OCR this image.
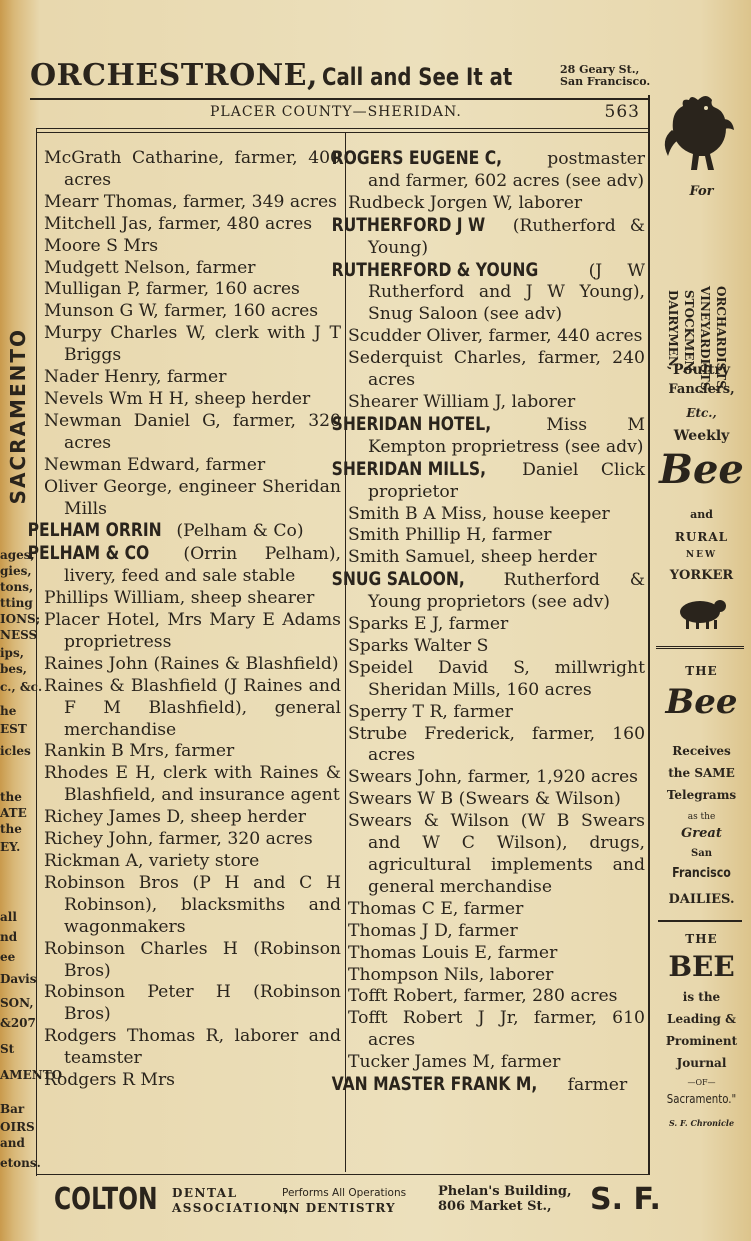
ORCHESTRONE, Call and See It at	28 Geary St.,
San Francisco.
PLACER COUNTY—SHERIDAN.	563
McGrath Catharine, farmer, 400 acres
Mearr Thomas, farmer, 349 acres
Mitchell Jas, farmer, 480 acres
Moore S Mrs
Mudgett Nelson, farmer
Mulligan P, farmer, 160 acres
Munson G W, farmer, 160 acres
Murpy Charles W, clerk with J T Briggs
Nader Henry, farmer
Nevels Wm H H, sheep herder
Newman Daniel G, farmer, 320 acres
Newman Edward, farmer
Oliver George, engineer Sheridan Mills
PELHAM ORRIN (Pelham & Co)
PELHAM & CO (Orrin Pelham), livery, feed and sale stable
Phillips William, sheep shearer
Placer Hotel, Mrs Mary E Adams proprietress
Raines John (Raines & Blashfield)
Raines & Blashfield (J Raines and F M Blashfield), general merchandise
Rankin B Mrs, farmer
Rhodes E H, clerk with Raines & Blashfield, and insurance agent
Richey James D, sheep herder
Richey John, farmer, 320 acres
Rickman A, variety store
Robinson Bros (P H and C H Robinson), blacksmiths and wagonmakers
Robinson Charles H (Robinson Bros)
Robinson Peter H (Robinson Bros)
Rodgers Thomas R, laborer and teamster
Rodgers R Mrs
ROGERS EUGENE C, postmaster and farmer, 602 acres (see adv)
Rudbeck Jorgen W, laborer
RUTHERFORD J W (Rutherford & Young)
RUTHERFORD & YOUNG (J W Rutherford and J W Young), Snug Saloon (see adv)
Scudder Oliver, farmer, 440 acres
Sederquist Charles, farmer, 240 acres
Shearer William J, laborer
SHERIDAN HOTEL, Miss M Kempton proprietress (see adv)
SHERIDAN MILLS, Daniel Click proprietor
Smith B A Miss, house keeper
Smith Phillip H, farmer
Smith Samuel, sheep herder
SNUG SALOON, Rutherford & Young proprietors (see adv)
Sparks E J, farmer
Sparks Walter S
Speidel David S, millwright Sheridan Mills, 160 acres
Sperry T R, farmer
Strube Frederick, farmer, 160 acres
Swears John, farmer, 1,920 acres
Swears W B (Swears & Wilson)
Swears & Wilson (W B Swears and W C Wilson), drugs, agricultural implements and general merchandise
Thomas C E, farmer
Thomas J D, farmer
Thomas Louis E, farmer
Thompson Nils, laborer
Tofft Robert, farmer, 280 acres
Tofft Robert J Jr, farmer, 610 acres
Tucker James M, farmer
VAN MASTER FRANK M, farmer
COLTON DENTAL
ASSOCIATION,
Performs All Operations
IN DENTISTRY
Phelan's Building,
806 Market St.,	S. F.
For
ORCHARDISTS,
VINEYARDISTS,
STOCKMEN,
DAIRYMEN,
Poultry
Fanciers,
Etc.,
Weekly
Bee
and
RURAL
NEW
YORKER
THE
Bee
Receives
the SAME
Telegrams
as the
Great
San
Francisco
DAILIES.
THE
BEE
is the
Leading &
Prominent
Journal
—OF—
Sacramento."
S. F. Chronicle
SACRAMENTO
ages,
gies,
tons,
tting
IONS;
NESS
ips,
bes,
c., &c.
he
EST
icles
the
ATE
the
EY.
all
nd
ee
Davis
SON,
&207
St
AMENTO
Bar
OIRS
and
etons.
